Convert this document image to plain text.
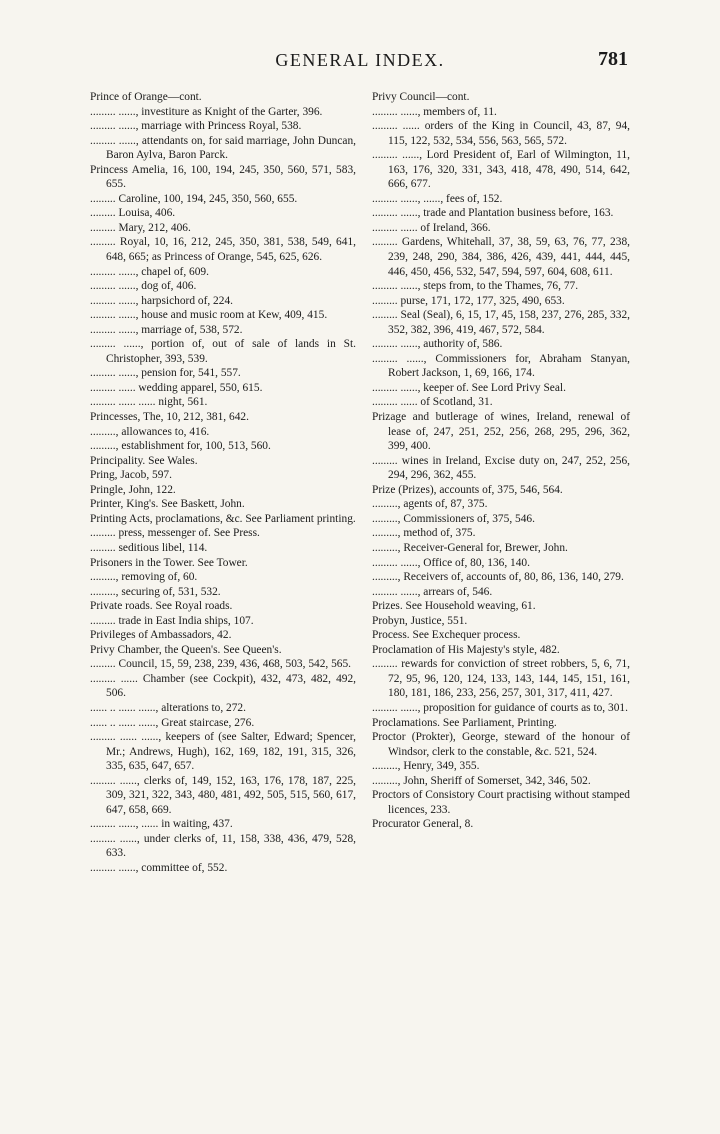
GENERAL INDEX.	781

Prince of Orange—cont.

......... ......, investiture as Knight of the Garter, 396.

......... ......, marriage with Princess Royal, 538.

......... ......, attendants on, for said marriage, John Duncan, Baron Aylva, Baron Parck.

Princess Amelia, 16, 100, 194, 245, 350, 560, 571, 583, 655.

......... Caroline, 100, 194, 245, 350, 560, 655.

......... Louisa, 406.

......... Mary, 212, 406.

......... Royal, 10, 16, 212, 245, 350, 381, 538, 549, 641, 648, 665; as Princess of Orange, 545, 625, 626.

......... ......, chapel of, 609.

......... ......, dog of, 406.

......... ......, harpsichord of, 224.

......... ......, house and music room at Kew, 409, 415.

......... ......, marriage of, 538, 572.

......... ......, portion of, out of sale of lands in St. Christopher, 393, 539.

......... ......, pension for, 541, 557.

......... ...... wedding apparel, 550, 615.

......... ...... ...... night, 561.

Princesses, The, 10, 212, 381, 642.

........., allowances to, 416.

........., establishment for, 100, 513, 560.

Principality. See Wales.

Pring, Jacob, 597.

Pringle, John, 122.

Printer, King's. See Baskett, John.

Printing Acts, proclamations, &c. See Parliament printing.

......... press, messenger of. See Press.

......... seditious libel, 114.

Prisoners in the Tower. See Tower.

........., removing of, 60.

........., securing of, 531, 532.

Private roads. See Royal roads.

......... trade in East India ships, 107.

Privileges of Ambassadors, 42.

Privy Chamber, the Queen's. See Queen's.

......... Council, 15, 59, 238, 239, 436, 468, 503, 542, 565.

......... ...... Chamber (see Cockpit), 432, 473, 482, 492, 506.

...... .. ...... ......, alterations to, 272.

...... .. ...... ......, Great staircase, 276.

......... ...... ......, keepers of (see Salter, Edward; Spencer, Mr.; Andrews, Hugh), 162, 169, 182, 191, 315, 326, 335, 635, 647, 657.

......... ......, clerks of, 149, 152, 163, 176, 178, 187, 225, 309, 321, 322, 343, 480, 481, 492, 505, 515, 560, 617, 647, 658, 669.

......... ......, ...... in waiting, 437.

......... ......, under clerks of, 11, 158, 338, 436, 479, 528, 633.

......... ......, committee of, 552.

Privy Council—cont.

......... ......, members of, 11.

......... ...... orders of the King in Council, 43, 87, 94, 115, 122, 532, 534, 556, 563, 565, 572.

......... ......, Lord President of, Earl of Wilmington, 11, 163, 176, 320, 331, 343, 418, 478, 490, 514, 642, 666, 677.

......... ......, ......, fees of, 152.

......... ......, trade and Plantation business before, 163.

......... ...... of Ireland, 366.

......... Gardens, Whitehall, 37, 38, 59, 63, 76, 77, 238, 239, 248, 290, 384, 386, 426, 439, 441, 444, 445, 446, 450, 456, 532, 547, 594, 597, 604, 608, 611.

......... ......, steps from, to the Thames, 76, 77.

......... purse, 171, 172, 177, 325, 490, 653.

......... Seal (Seal), 6, 15, 17, 45, 158, 237, 276, 285, 332, 352, 382, 396, 419, 467, 572, 584.

......... ......, authority of, 586.

......... ......, Commissioners for, Abraham Stanyan, Robert Jackson, 1, 69, 166, 174.

......... ......, keeper of. See Lord Privy Seal.

......... ...... of Scotland, 31.

Prizage and butlerage of wines, Ireland, renewal of lease of, 247, 251, 252, 256, 268, 295, 296, 362, 399, 400.

......... wines in Ireland, Excise duty on, 247, 252, 256, 294, 296, 362, 455.

Prize (Prizes), accounts of, 375, 546, 564.

........., agents of, 87, 375.

........., Commissioners of, 375, 546.

........., method of, 375.

........., Receiver-General for, Brewer, John.

......... ......, Office of, 80, 136, 140.

........., Receivers of, accounts of, 80, 86, 136, 140, 279.

......... ......, arrears of, 546.

Prizes. See Household weaving, 61.

Probyn, Justice, 551.

Process. See Exchequer process.

Proclamation of His Majesty's style, 482.

......... rewards for conviction of street robbers, 5, 6, 71, 72, 95, 96, 120, 124, 133, 143, 144, 145, 151, 161, 180, 181, 186, 233, 256, 257, 301, 317, 411, 427.

......... ......, proposition for guidance of courts as to, 301.

Proclamations. See Parliament, Printing.

Proctor (Prokter), George, steward of the honour of Windsor, clerk to the constable, &c. 521, 524.

........., Henry, 349, 355.

........., John, Sheriff of Somerset, 342, 346, 502.

Proctors of Consistory Court practising without stamped licences, 233.

Procurator General, 8.
